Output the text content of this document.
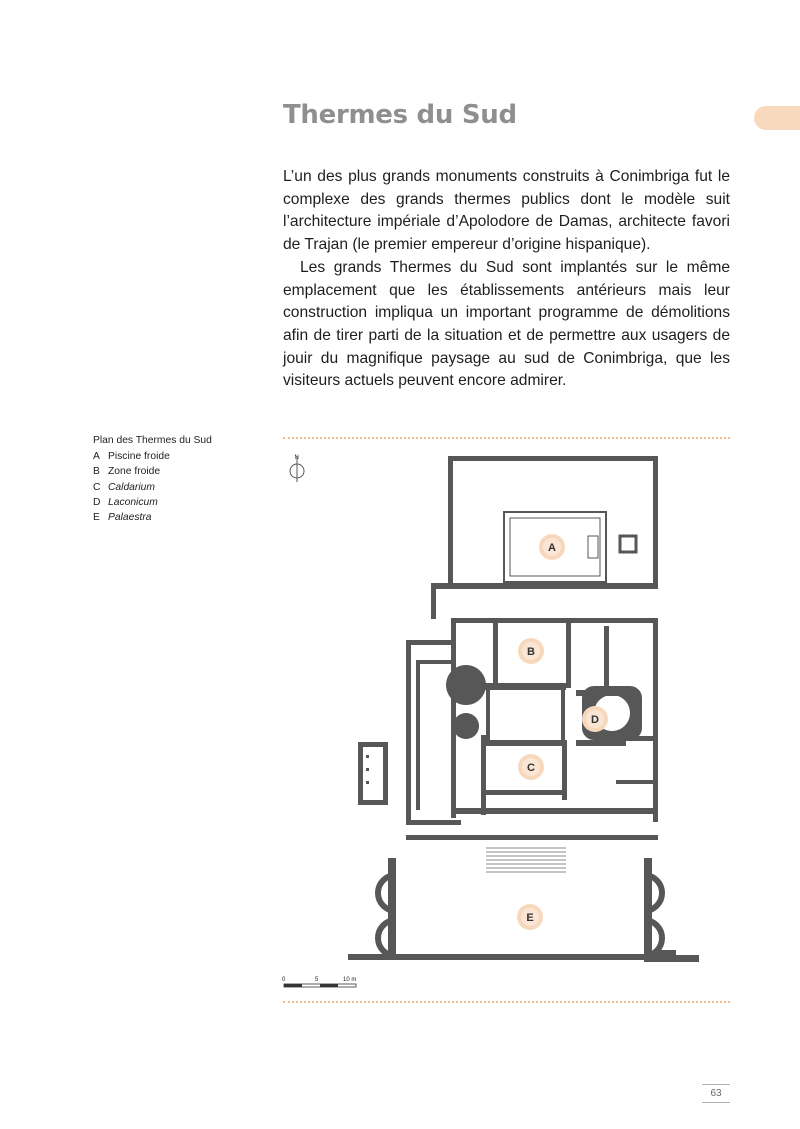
Thermes du Sud

L’un des plus grands monuments construits à Conimbriga fut le complexe des grands thermes publics dont le modèle suit l’architecture impériale d’Apolodore de Damas, architecte favori de Trajan (le premier empereur d’origine hispanique).

Les grands Thermes du Sud sont implantés sur le même emplacement que les établissements antérieurs mais leur construction impliqua un important programme de démolitions afin de tirer parti de la situation et de permettre aux usagers de jouir du magnifique paysage au sud de Conimbriga, que les visiteurs actuels peuvent encore admirer.

Plan des Thermes du Sud
A Piscine froide
B Zone froide
C Caldarium
D Laconicum
E Palaestra
N
A
B
C
D
E
0	5	10 m
63
